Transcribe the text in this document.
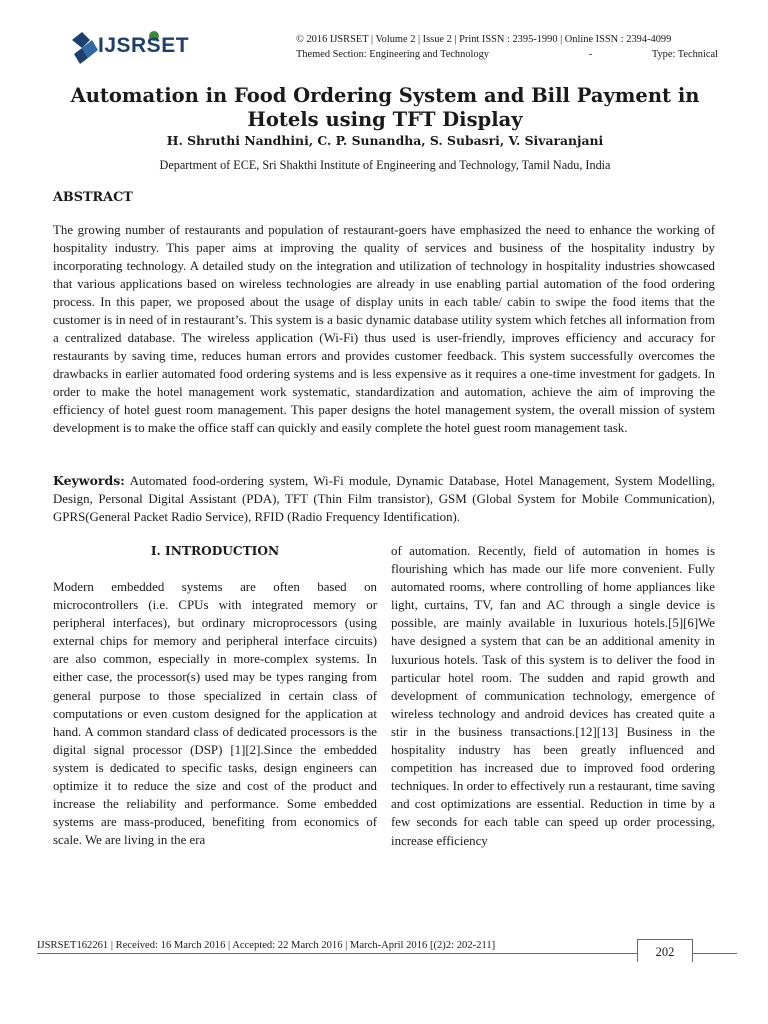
IJSRSET	© 2016 IJSRSET | Volume 2 | Issue 2 | Print ISSN : 2395-1990 | Online ISSN : 2394-4099
Themed Section: Engineering and Technology	-	Type: Technical
Automation in Food Ordering System and Bill Payment in Hotels using TFT Display
H. Shruthi Nandhini, C. P. Sunandha, S. Subasri, V. Sivaranjani
Department of ECE, Sri Shakthi Institute of Engineering and Technology, Tamil Nadu, India
ABSTRACT

The growing number of restaurants and population of restaurant-goers have emphasized the need to enhance the working of hospitality industry. This paper aims at improving the quality of services and business of the hospitality industry by incorporating technology. A detailed study on the integration and utilization of technology in hospitality industries showcased that various applications based on wireless technologies are already in use enabling partial automation of the food ordering process. In this paper, we proposed about the usage of display units in each table/ cabin to swipe the food items that the customer is in need of in restaurant’s. This system is a basic dynamic database utility system which fetches all information from a centralized database. The wireless application (Wi-Fi) thus used is user-friendly, improves efficiency and accuracy for restaurants by saving time, reduces human errors and provides customer feedback. This system successfully overcomes the drawbacks in earlier automated food ordering systems and is less expensive as it requires a one-time investment for gadgets. In order to make the hotel management work systematic, standardization and automation, achieve the aim of improving the efficiency of hotel guest room management. This paper designs the hotel management system, the overall mission of system development is to make the office staff can quickly and easily complete the hotel guest room management task.

Keywords: Automated food-ordering system, Wi-Fi module, Dynamic Database, Hotel Management, System Modelling, Design, Personal Digital Assistant (PDA), TFT (Thin Film transistor), GSM (Global System for Mobile Communication), GPRS(General Packet Radio Service), RFID (Radio Frequency Identification).

I. INTRODUCTION

Modern embedded systems are often based on microcontrollers (i.e. CPUs with integrated memory or peripheral interfaces), but ordinary microprocessors (using external chips for memory and peripheral interface circuits) are also common, especially in more-complex systems. In either case, the processor(s) used may be types ranging from general purpose to those specialized in certain class of computations or even custom designed for the application at hand. A common standard class of dedicated processors is the digital signal processor (DSP) [1][2].Since the embedded system is dedicated to specific tasks, design engineers can optimize it to reduce the size and cost of the product and increase the reliability and performance. Some embedded systems are mass-produced, benefiting from economics of scale. We are living in the era

of automation. Recently, field of automation in homes is flourishing which has made our life more convenient. Fully automated rooms, where controlling of home appliances like light, curtains, TV, fan and AC through a single device is possible, are mainly available in luxurious hotels.[5][6]We have designed a system that can be an additional amenity in luxurious hotels. Task of this system is to deliver the food in particular hotel room. The sudden and rapid growth and development of communication technology, emergence of wireless technology and android devices has created quite a stir in the business transactions.[12][13] Business in the hospitality industry has been greatly influenced and competition has increased due to improved food ordering techniques. In order to effectively run a restaurant, time saving and cost optimizations are essential. Reduction in time by a few seconds for each table can speed up order processing, increase efficiency

IJSRSET162261 | Received: 16 March 2016 | Accepted: 22 March 2016 | March-April 2016 [(2)2: 202-211]	202
